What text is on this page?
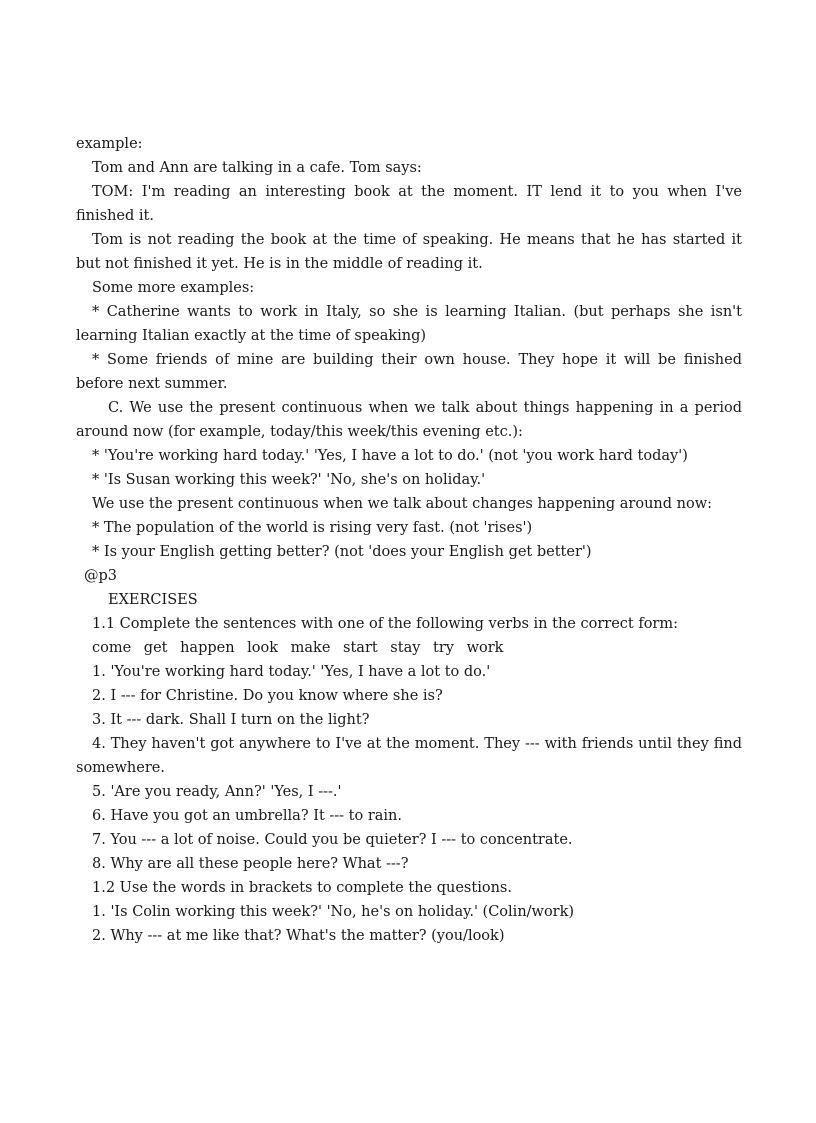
example:

Tom and Ann are talking in a cafe. Tom says:

TOM: I'm reading an interesting book at the moment. IT lend it to you when I've finished it.

Tom is not reading the book at the time of speaking. He means that he has started it but not finished it yet. He is in the middle of reading it.

Some more examples:

* Catherine wants to work in Italy, so she is learning Italian. (but perhaps she isn't learning Italian exactly at the time of speaking)

* Some friends of mine are building their own house. They hope it will be finished before next summer.

C. We use the present continuous when we talk about things happening in a period around now (for example, today/this week/this evening etc.):

* 'You're working hard today.' 'Yes, I have a lot to do.' (not 'you work hard today')

* 'Is Susan working this week?' 'No, she's on holiday.'

We use the present continuous when we talk about changes happening around now:

* The population of the world is rising very fast. (not 'rises')

* Is your English getting better? (not 'does your English get better')

@p3

EXERCISES

1.1 Complete the sentences with one of the following verbs in the correct form:

come get happen look make start stay try work

1. 'You're working hard today.' 'Yes, I have a lot to do.'

2. I --- for Christine. Do you know where she is?

3. It --- dark. Shall I turn on the light?

4. They haven't got anywhere to I've at the moment. They --- with friends until they find somewhere.

5. 'Are you ready, Ann?' 'Yes, I ---.'

6. Have you got an umbrella? It --- to rain.

7. You --- a lot of noise. Could you be quieter? I --- to concentrate.

8. Why are all these people here? What ---?

1.2 Use the words in brackets to complete the questions.

1. 'Is Colin working this week?' 'No, he's on holiday.' (Colin/work)

2. Why --- at me like that? What's the matter? (you/look)
